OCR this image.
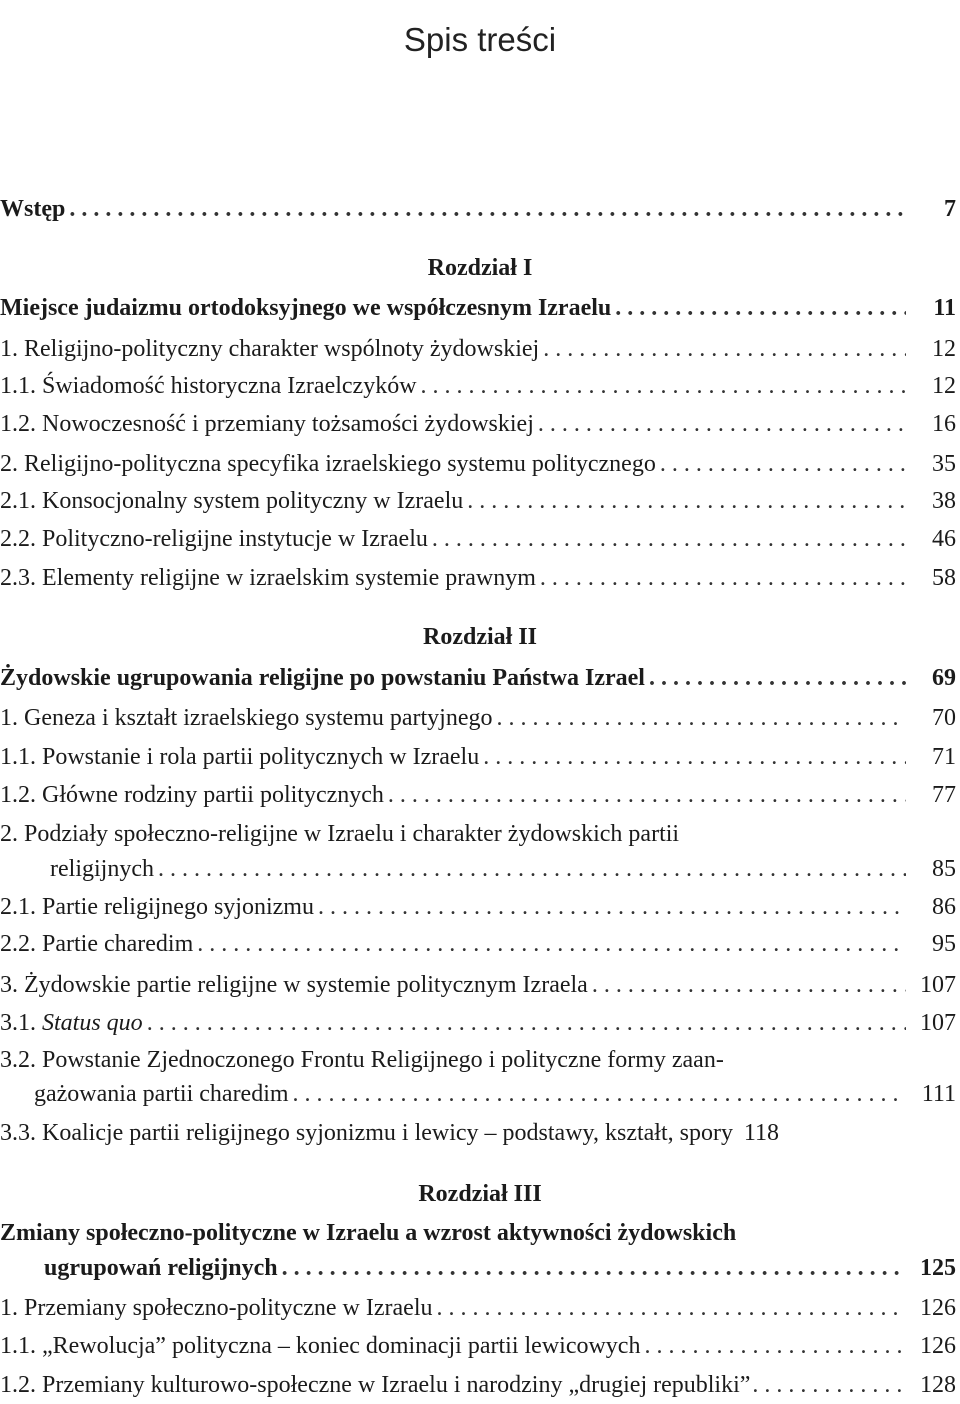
Spis treści
Wstęp . . .	7
Rozdział I
Miejsce judaizmu ortodoksyjnego we współczesnym Izraelu . . .	11
1. Religijno-polityczny charakter wspólnoty żydowskiej . . .	12
1.1. Świadomość historyczna Izraelczyków . . .	12
1.2. Nowoczesność i przemiany tożsamości żydowskiej . . .	16
2. Religijno-polityczna specyfika izraelskiego systemu politycznego . . .	35
2.1. Konsocjonalny system polityczny w Izraelu . . .	38
2.2. Polityczno-religijne instytucje w Izraelu . . .	46
2.3. Elementy religijne w izraelskim systemie prawnym . . .	58
Rozdział II
Żydowskie ugrupowania religijne po powstaniu Państwa Izrael . . .	69
1. Geneza i kształt izraelskiego systemu partyjnego . . .	70
1.1. Powstanie i rola partii politycznych w Izraelu . . .	71
1.2. Główne rodziny partii politycznych . . .	77
2. Podziały społeczno-religijne w Izraelu i charakter żydowskich partii
religijnych . . .	85
2.1. Partie religijnego syjonizmu . . .	86
2.2. Partie charedim . . .	95
3. Żydowskie partie religijne w systemie politycznym Izraela . . .	107
3.1. Status quo . . .	107
3.2. Powstanie Zjednoczonego Frontu Religijnego i polityczne formy zaan-
gażowania partii charedim . . .	111
3.3. Koalicje partii religijnego syjonizmu i lewicy – podstawy, kształt, spory 118
Rozdział III
Zmiany społeczno-polityczne w Izraelu a wzrost aktywności żydowskich
ugrupowań religijnych . . .	125
1. Przemiany społeczno-polityczne w Izraelu . . .	126
1.1. „Rewolucja” polityczna – koniec dominacji partii lewicowych . . .	126
1.2. Przemiany kulturowo-społeczne w Izraelu i narodziny „drugiej republiki” . . .	128
